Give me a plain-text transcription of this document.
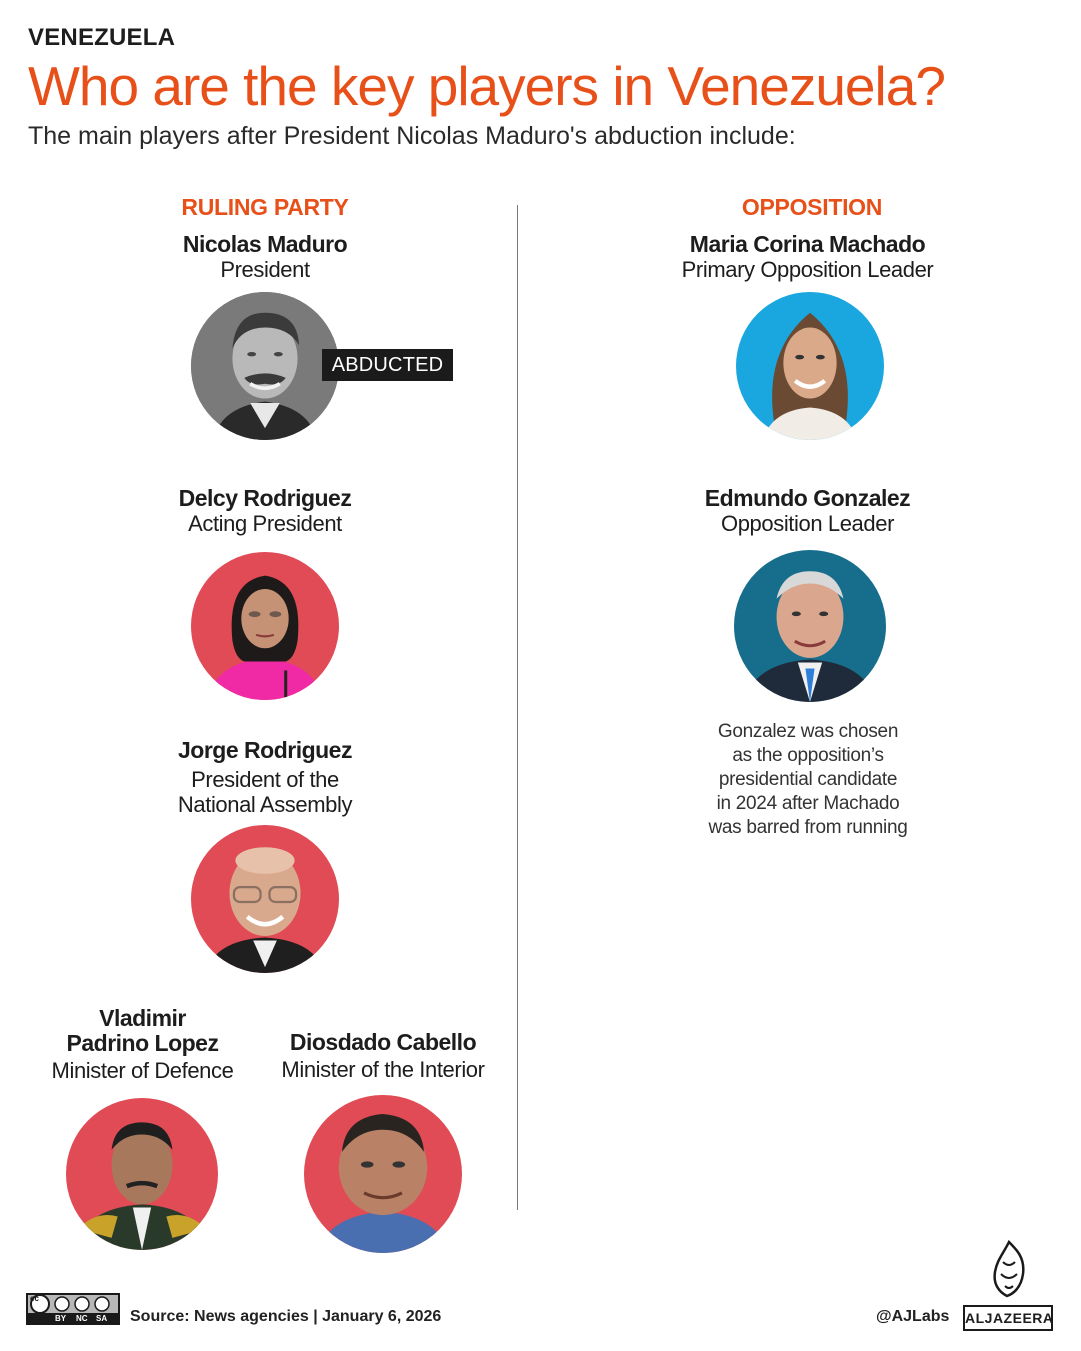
VENEZUELA
Who are the key players in Venezuela?
The main players after President Nicolas Maduro's abduction include:
RULING PARTY	OPPOSITION
Nicolas Maduro
President
ABDUCTED
Delcy Rodriguez
Acting President
Jorge Rodriguez
President of the
National Assembly
Vladimir
Padrino Lopez
Minister of Defence
Diosdado Cabello
Minister of the Interior
Maria Corina Machado
Primary Opposition Leader
Edmundo Gonzalez
Opposition Leader
Gonzalez was chosen
as the opposition’s
presidential candidate
in 2024 after Machado
was barred from running
cc
BY NC SA Source: News agencies | January 6, 2026	@AJLabs ALJAZEERA
